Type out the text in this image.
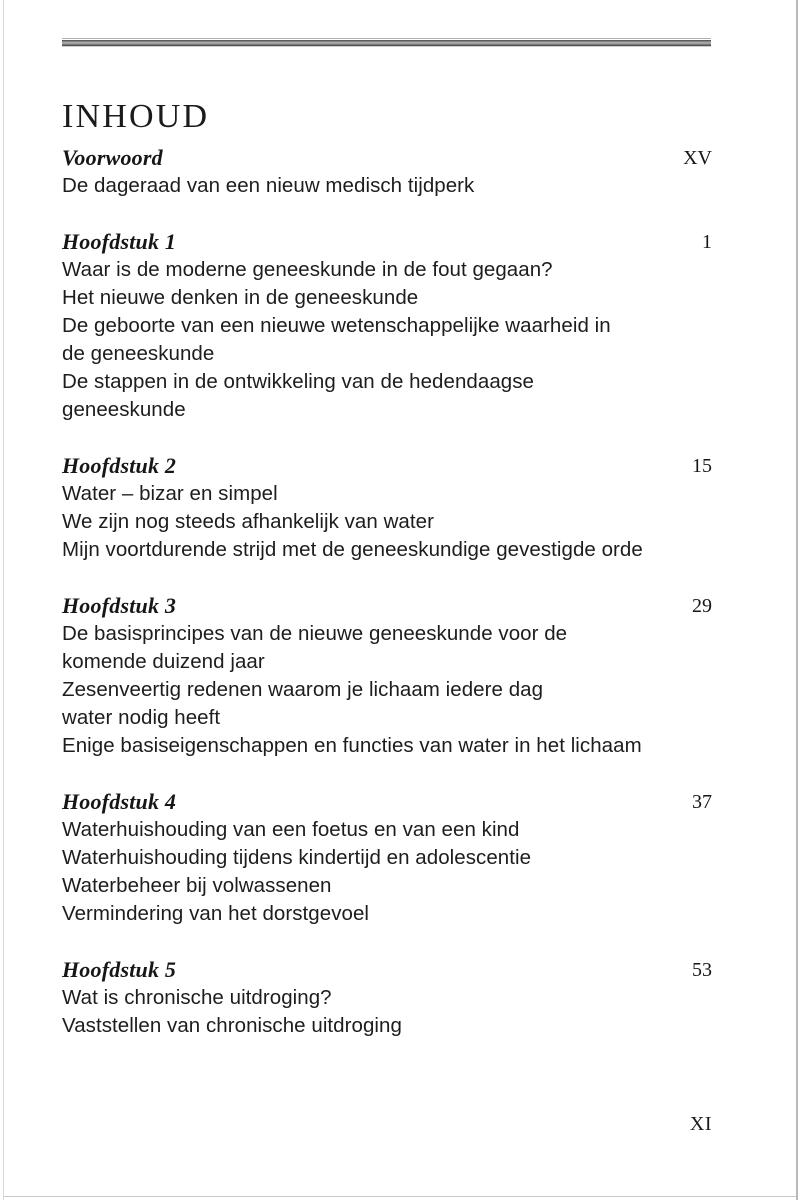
INHOUD
Voorwoord	XV
De dageraad van een nieuw medisch tijdperk
Hoofdstuk 1	1
Waar is de moderne geneeskunde in de fout gegaan?
Het nieuwe denken in de geneeskunde
De geboorte van een nieuwe wetenschappelijke waarheid in
de geneeskunde
De stappen in de ontwikkeling van de hedendaagse
geneeskunde
Hoofdstuk 2	15
Water – bizar en simpel
We zijn nog steeds afhankelijk van water
Mijn voortdurende strijd met de geneeskundige gevestigde orde
Hoofdstuk 3	29
De basisprincipes van de nieuwe geneeskunde voor de
komende duizend jaar
Zesenveertig redenen waarom je lichaam iedere dag
water nodig heeft
Enige basiseigenschappen en functies van water in het lichaam
Hoofdstuk 4	37
Waterhuishouding van een foetus en van een kind
Waterhuishouding tijdens kindertijd en adolescentie
Waterbeheer bij volwassenen
Vermindering van het dorstgevoel
Hoofdstuk 5	53
Wat is chronische uitdroging?
Vaststellen van chronische uitdroging
XI
